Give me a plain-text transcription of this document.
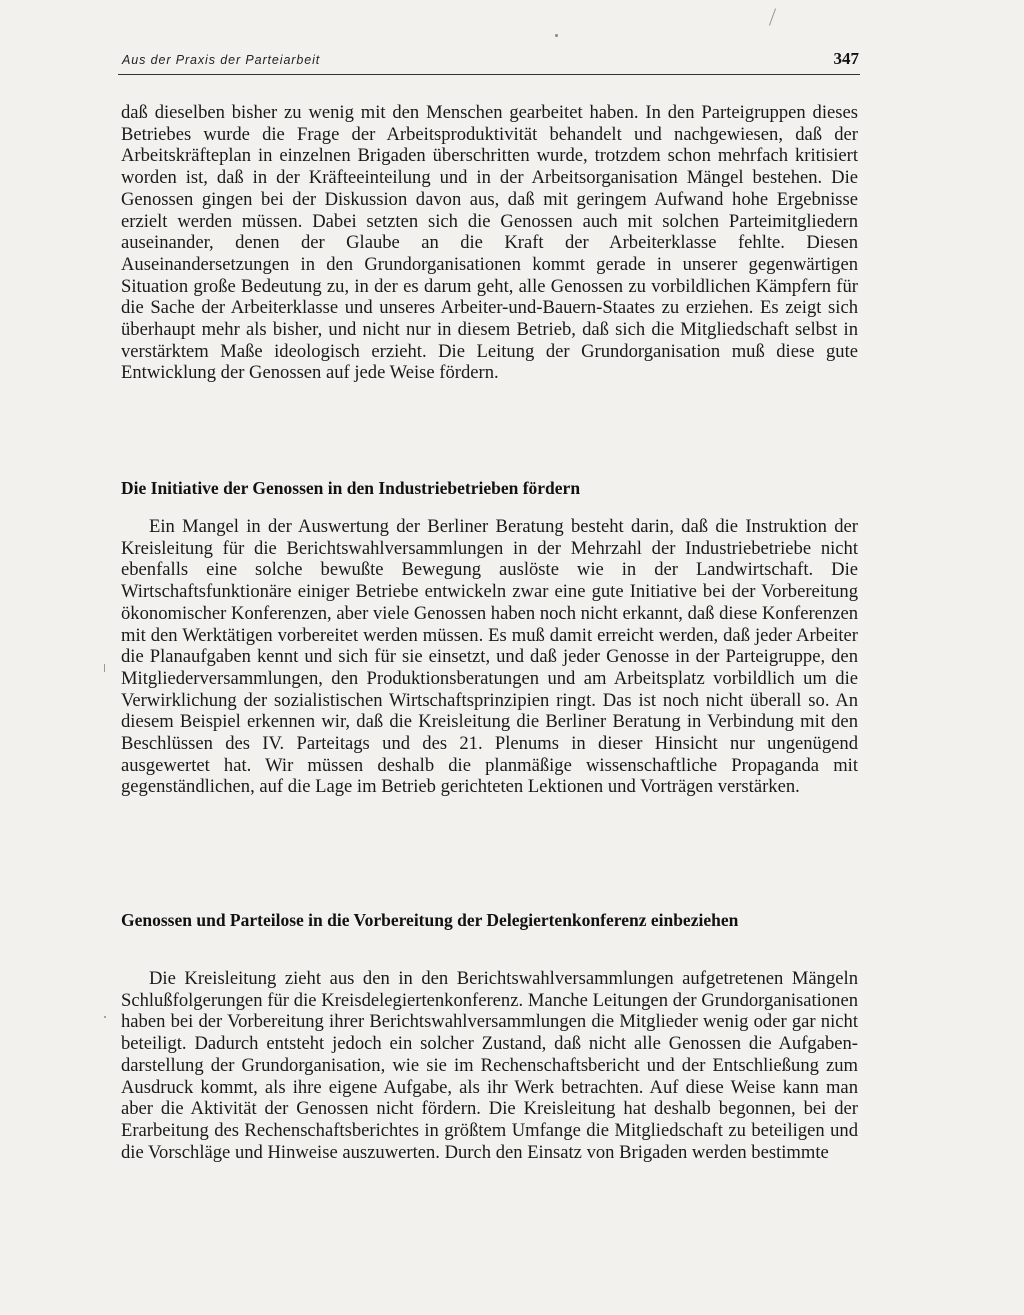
Aus der Praxis der Parteiarbeit	347

daß dieselben bisher zu wenig mit den Menschen gearbeitet haben. In den Parteigruppen dieses Betriebes wurde die Frage der Arbeitsproduktivität behandelt und nachgewiesen, daß der Arbeitskräfteplan in einzelnen Brigaden überschritten wurde, trotzdem schon mehrfach kritisiert worden ist, daß in der Kräfteeinteilung und in der Arbeitsorganisation Mängel bestehen. Die Genossen gingen bei der Diskussion davon aus, daß mit geringem Aufwand hohe Ergebnisse erzielt werden müssen. Dabei setzten sich die Genossen auch mit solchen Parteimitgliedern auseinander, denen der Glaube an die Kraft der Arbeiterklasse fehlte. Diesen Auseinandersetzungen in den Grundorganisationen kommt gerade in unserer gegenwärtigen Situation große Bedeutung zu, in der es darum geht, alle Genossen zu vorbildlichen Kämpfern für die Sache der Arbeiterklasse und unseres Arbeiter-und-Bauern-Staates zu erziehen. Es zeigt sich überhaupt mehr als bisher, und nicht nur in diesem Betrieb, daß sich die Mitgliedschaft selbst in verstärktem Maße ideologisch erzieht. Die Leitung der Grundorganisation muß diese gute Entwicklung der Genossen auf jede Weise fördern.

Die Initiative der Genossen in den Industriebetrieben fördern

Ein Mangel in der Auswertung der Berliner Beratung besteht darin, daß die Instruktion der Kreisleitung für die Berichtswahlversammlungen in der Mehrzahl der Industriebetriebe nicht ebenfalls eine solche bewußte Bewegung auslöste wie in der Landwirtschaft. Die Wirtschaftsfunktionäre einiger Betriebe entwickeln zwar eine gute Initiative bei der Vorbereitung ökonomischer Konferenzen, aber viele Genossen haben noch nicht erkannt, daß diese Konferenzen mit den Werktätigen vorbereitet werden müssen. Es muß damit erreicht werden, daß jeder Arbeiter die Planaufgaben kennt und sich für sie einsetzt, und daß jeder Genosse in der Parteigruppe, den Mitgliederversammlungen, den Produktionsberatungen und am Arbeitsplatz vorbildlich um die Verwirklichung der sozialistischen Wirtschaftsprinzipien ringt. Das ist noch nicht überall so. An diesem Beispiel erkennen wir, daß die Kreisleitung die Berliner Beratung in Verbindung mit den Beschlüssen des IV. Parteitags und des 21. Plenums in dieser Hinsicht nur ungenügend ausgewertet hat. Wir müssen deshalb die planmäßige wissenschaftliche Propaganda mit gegenständlichen, auf die Lage im Betrieb gerichteten Lektionen und Vorträgen verstärken.

Genossen und Parteilose in die Vorbereitung der Delegiertenkonferenz einbeziehen

Die Kreisleitung zieht aus den in den Berichtswahlversammlungen aufgetretenen Mängeln Schlußfolgerungen für die Kreisdelegiertenkonferenz. Manche Leitungen der Grundorganisationen haben bei der Vorbereitung ihrer Berichtswahlversammlungen die Mitglieder wenig oder gar nicht beteiligt. Dadurch entsteht jedoch ein solcher Zustand, daß nicht alle Genossen die Aufgabendarstellung der Grundorganisation, wie sie im Rechenschaftsbericht und der Entschließung zum Ausdruck kommt, als ihre eigene Aufgabe, als ihr Werk betrachten. Auf diese Weise kann man aber die Aktivität der Genossen nicht fördern. Die Kreisleitung hat deshalb begonnen, bei der Erarbeitung des Rechenschaftsberichtes in größtem Umfange die Mitgliedschaft zu beteiligen und die Vorschläge und Hinweise auszuwerten. Durch den Einsatz von Brigaden werden bestimmte
